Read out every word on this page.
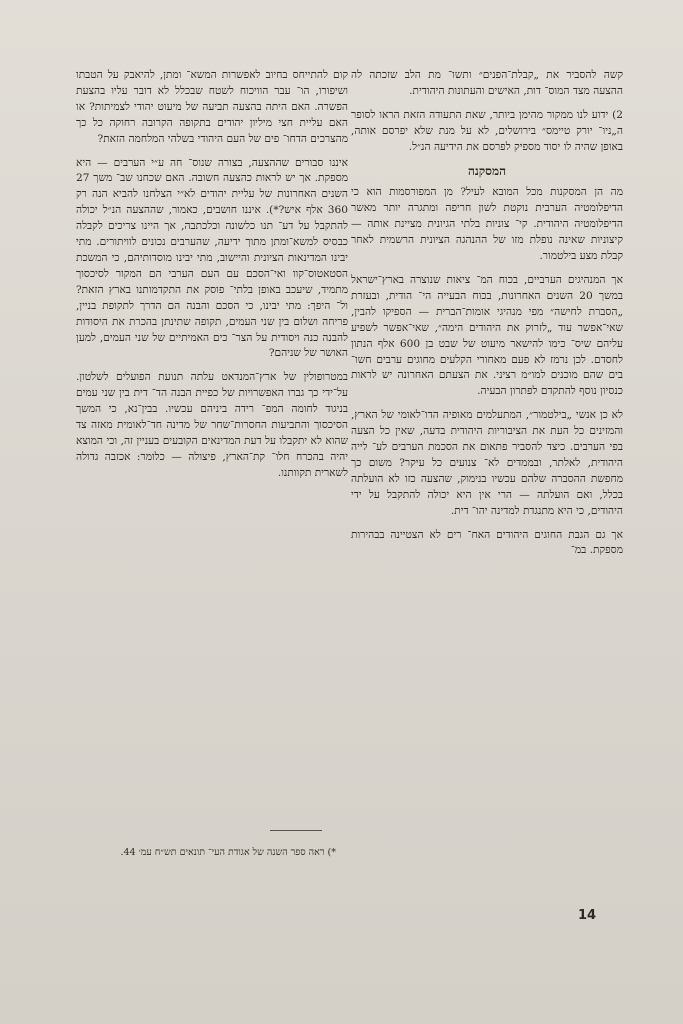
קשה להסביר את „קבלת־הפנים״ ותשו־ מת הלב שזכתה לה ההצעה מצד המוס־ דות, האישים והעתונות היהודית.

2) ידוע לנו ממקור מהימן ביותר, שאת התעודה הזאת הראו לסופר ה„ניו־ יורק טיימס״ בירושלים, לא על מנת שלא יפרסם אותה, באופן שהיה לו יסוד מספיק לפרסם את הידיעה הנ״ל.

המסקנה

מה הן המסקנות מכל המובא לעיל? מן המפורסמות הוא כי הדיפלומטיה הערבית נוקטת לשון חריפה ומתגרה יותר מאשר הדיפלומטיה היהודית. קי־ צוניות בלתי הגיונית מציינת אותה — קיצוניות שאינה נופלת מזו של ההנהגה הציונית הרשמית לאחר קבלת מצע בילטמור.

אך המנהיגים הערביים, בכוח המ־ ציאות שנוצרה בארץ־ישראל במשך 20 השנים האחרונות, בכוח הבעייה הי־ הודית, ובעזרת „הסברת לחישה״ מפי מנהיגי אומות־הברית — הספיקו להבין, שאי־אפשר עוד „לזרוק את היהודים הימה״, שאי־אפשר לשפיע עליהם שיס־ כימו להישאר מיעוט של שבט בן 600 אלף הנתון לחסדם. לכן נרמז לא פעם מאחורי הקלעים מחוגים ערבים חשו־ בים שהם מוכנים למו״מ רציני. את הצעתם האחרונה יש לראות כנסיון נוסף להתקדם לפתרון הבעיה.

לא כן אנשי „בילטמור״, המתעלמים מאופיה הדו־לאומי של הארץ, והמזינים כל העת את הציבוריות היהודית בדעה, שאין כל הצעה בפי הערבים. כיצד להסביר פתאום את הסכמת הערבים לע־ לייה היהודית, לאלתר, ובממדים לא־ צנועים כל עיקר? משום כך מחפשת ההסברה שלהם עכשיו בנימוק, שהצעה כזו לא הועלתה בכלל, ואם הועלתה — הרי אין היא יכולה להתקבל על ידי היהודים, כי היא מתנגדת למדינה יהו־ דית.

אך גם הגבת החוגים היהודים האח־ רים לא הצטיינה בבהירות מספקת. במ־

קום להתייחס בחיוב לאפשרות המשא־ ומתן, להיאבק על הטבתו ושיפורו, הו־ עבר הוויכוח לשטח שבכלל לא דובר עליו בהצעת הפשרה. האם היתה בהצעה תביעה של מיעוט יהודי לצמיתות? או האם עליית חצי מיליון יהודים בתקופה הקרובה רחוקה כל כך מהצרכים הדחו־ פים של העם היהודי בשלהי המלחמה הזאת?

איננו סבורים שההצעה, בצורה שנוס־ חה ע״י הערבים — היא מספקת. אך יש לראות כהצעה חשובה. האם שכחנו שב־ משך 27 השנים האחרונות של עליית יהודים לא״י הצלחנו להביא הנה רק 360 אלף איש?*). איננו חושבים, כאמור, שההצעה הנ״ל יכולה להתקבל על דע־ תנו כלשונה וכלכתבה, אך היינו צריכים לקבלה כבסיס למשא־ומתן מתוך ידיעה, שהערבים נכונים לוויתורים. מתי יבינו המדינאות הציונית והיישוב, מתי יבינו מוסדותיהם, כי המשכת הסטאטוס־קוו ואי־הסכם עם העם הערבי הם המקור לסיכסוך מתמיד, שיעכב באופן בלתי־ פוסק את התקדמותנו בארץ הזאת? ול־ היפך: מתי יבינו, כי הסכם והבנה הם הדרך לתקופת בניין, פריחה ושלום בין שני העמים, תקופה שתינתן בהכרת את היסודות להבנה כנה ויסודית על הצר־ כים האמיתיים של שני העמים, למען האושר של שניהם?

במטרופולין של ארץ־המנדאט עלתה תנועת הפועלים לשלטון. על־ידי כך גברו האפשרויות של כפיית הבנה הד־ דית בין שני עמים בניגוד לחומה המפ־ רידה ביניהם עכשיו. בבין־נא, כי המשך הסיכסוך והתביעות החסרות־שחר של מדינה חד־לאומית מאזה צד שהוא לא יתקבלו על דעת המדינאים הקובעים בעניין זה, וכי המוצא יהיה בהכרח חלו־ קת־הארץ, פיצולה — כלומר: אכזבה גדולה לשארית תקוותנו.

*) ראה ספר השנה של אגודת העי־ תונאים תש״ח עמ׳ 44.
14
